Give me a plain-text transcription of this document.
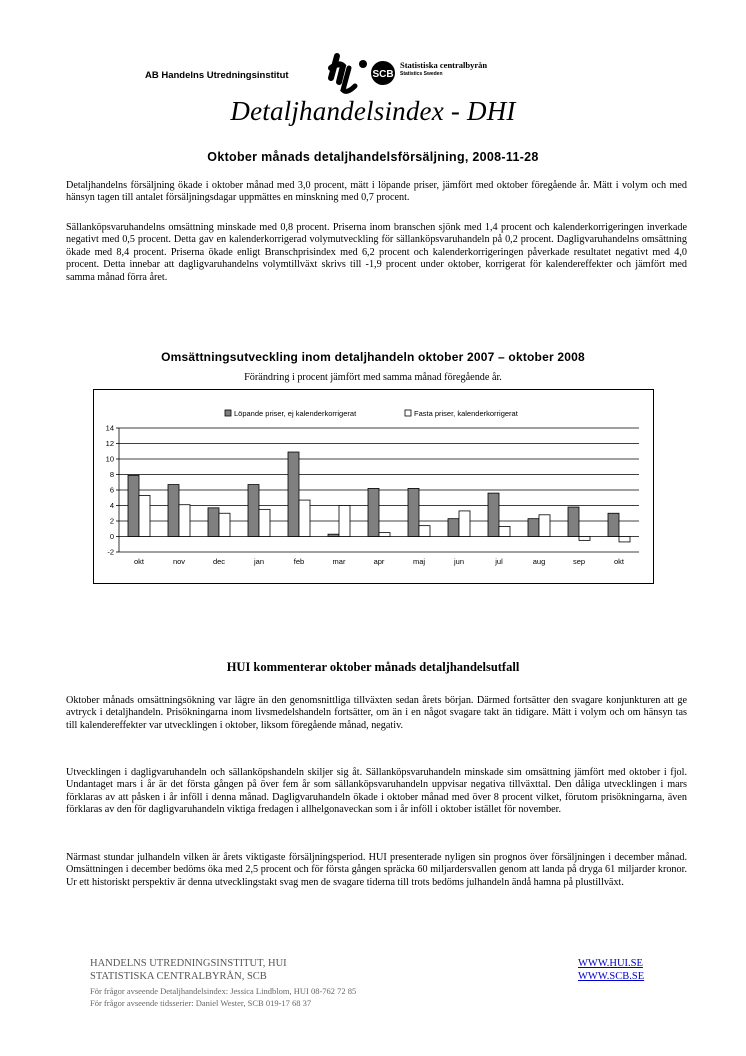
AB Handelns Utredningsinstitut	SCB
Statistiska centralbyrån
Statistics Sweden
Detaljhandelsindex - DHI
Oktober månads detaljhandelsförsäljning, 2008-11-28

Detaljhandelns försäljning ökade i oktober månad med 3,0 procent, mätt i löpande priser, jämfört med oktober föregående år. Mätt i volym och med hänsyn tagen till antalet försäljningsdagar uppmättes en minskning med 0,7 procent.

Sällanköpsvaruhandelns omsättning minskade med 0,8 procent. Priserna inom branschen sjönk med 1,4 procent och kalenderkorrigeringen inverkade negativt med 0,5 procent. Detta gav en kalenderkorrigerad volymutveckling för sällanköpsvaruhandeln på 0,2 procent. Dagligvaruhandelns omsättning ökade med 8,4 procent. Priserna ökade enligt Branschprisindex med 6,2 procent och kalenderkorrigeringen påverkade resultatet negativt med 4,0 procent. Detta innebar att dagligvaruhandelns volymtillväxt skrivs till -1,9 procent under oktober, korrigerat för kalendereffekter och jämfört med samma månad förra året.

Omsättningsutveckling inom detaljhandeln oktober 2007 – oktober 2008
Förändring i procent jämfört med samma månad föregående år.
Löpande priser, ej kalenderkorrigerat	Fasta priser, kalenderkorrigerat
14
12
10
8
6
4
2
0
-2
okt	nov	dec	jan	feb	mar	apr	maj	jun	jul	aug	sep	okt
HUI kommenterar oktober månads detaljhandelsutfall

Oktober månads omsättningsökning var lägre än den genomsnittliga tillväxten sedan årets början. Därmed fortsätter den svagare konjunkturen att ge avtryck i detaljhandeln. Prisökningarna inom livsmedelshandeln fortsätter, om än i en något svagare takt än tidigare. Mätt i volym och om hänsyn tas till kalendereffekter var utvecklingen i oktober, liksom föregående månad, negativ.

Utvecklingen i dagligvaruhandeln och sällanköpshandeln skiljer sig åt. Sällanköpsvaruhandeln minskade sim omsättning jämfört med oktober i fjol. Undantaget mars i år är det första gången på över fem år som sällanköpsvaruhandeln uppvisar negativa tillväxttal. Den dåliga utvecklingen i mars förklaras av att påsken i år inföll i denna månad. Dagligvaruhandeln ökade i oktober månad med över 8 procent vilket, förutom prisökningarna, även förklaras av den för dagligvaruhandeln viktiga fredagen i allhelgonaveckan som i år inföll i oktober istället för november.

Närmast stundar julhandeln vilken är årets viktigaste försäljningsperiod. HUI presenterade nyligen sin prognos över försäljningen i december månad. Omsättningen i december bedöms öka med 2,5 procent och för första gången spräcka 60 miljardersvallen genom att landa på dryga 61 miljarder kronor. Ur ett historiskt perspektiv är denna utvecklingstakt svag men de svagare tiderna till trots bedöms julhandeln ändå hamna på plustillväxt.

HANDELNS UTREDNINGSINSTITUT, HUI

STATISTISKA CENTRALBYRÅN, SCB

För frågor avseende Detaljhandelsindex: Jessica Lindblom, HUI 08-762 72 85

För frågor avseende tidsserier: Daniel Wester, SCB 019-17 68 37

WWW.HUI.SE
WWW.SCB.SE
